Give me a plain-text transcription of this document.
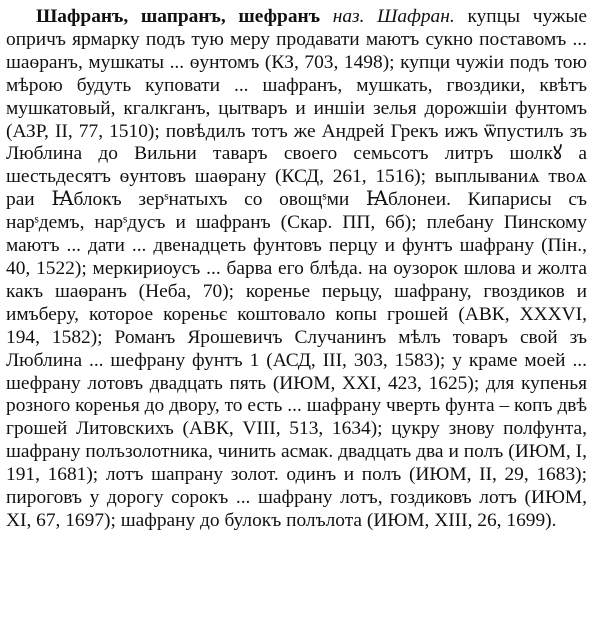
Шафранъ, шапранъ, шефранъ наз. Шафран. купцы чужые опричъ ярмарку подъ тую меру продавати маютъ сукно поставомъ ... шаѳранъ, мушкаты ... ѳунтомъ (КЗ, 703, 1498); купци чужіи подъ тою мѣрою будуть куповати ... шафранъ, мушкать, гвоздики, квѣтъ мушкатовый, кгалкганъ, цытваръ и иншіи зелья дорожшіи фунтомъ (АЗР, II, 77, 1510); повѣдилъ тотъ же Андрей Грекъ ижъ ѿпустилъ зъ Люблина до Вильни таваръ своего семьсотъ литръ шолкꙋ а шестьдесятъ ѳунтовъ шаѳрану (КСД, 261, 1516); выплываниѧ твоѧ раи Ꙗблокъ зерˢнатыхъ со овощˢми Ꙗблонеи. Кипарисы съ нарˢдемъ, нарˢдусъ и шафранъ (Скар. ПП, 6б); плебану Пинскому маютъ ... дати ... двенадцеть фунтовъ перцу и фунтъ шафрану (Пін., 40, 1522); меркириоусъ ... барва его блѣда. на оузорок шлова и жолта какъ шаѳранъ (Неба, 70); коренье перьцу, шафрану, гвоздиков и имъберу, которое кореньє коштовало копы грошей (АВК, XXXVI, 194, 1582); Романъ Ярошевичъ Случанинъ мѣлъ товаръ свой зъ Люблина ... шефрану фунтъ 1 (АСД, III, 303, 1583); у краме моей ... шефрану лотовъ двадцать пять (ИЮМ, XXI, 423, 1625); для купенья розного коренья до двору, то есть ... шафрану чверть фунта – копъ двѣ грошей Литовскихъ (АВК, VIII, 513, 1634); цукру знову полфунта, шафрану полъзолотника, чинить асмак. двадцать два и полъ (ИЮМ, I, 191, 1681); лотъ шапрану золот. одинъ и полъ (ИЮМ, II, 29, 1683); пироговъ у дорогу сорокъ ... шафрану лотъ, гоздиковъ лотъ (ИЮМ, XI, 67, 1697); шафрану до булокъ полълота (ИЮМ, XIII, 26, 1699).
